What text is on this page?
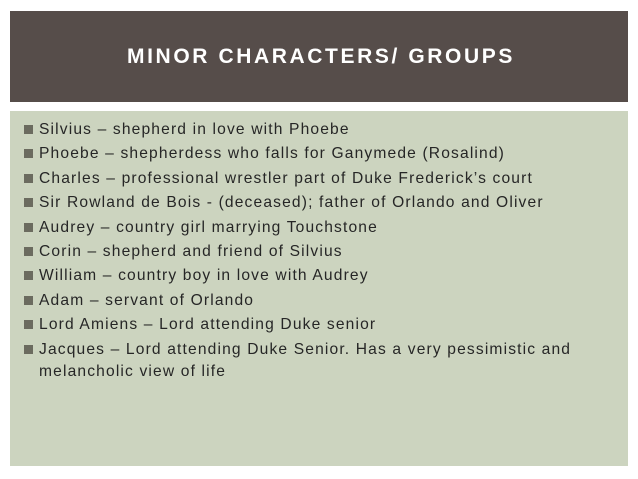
MINOR CHARACTERS/ GROUPS
Silvius – shepherd in love with Phoebe
Phoebe – shepherdess who falls for Ganymede (Rosalind)
Charles – professional wrestler part of Duke Frederick’s court
Sir Rowland de Bois - (deceased); father of Orlando and Oliver
Audrey – country girl marrying Touchstone
Corin – shepherd and friend of Silvius
William – country boy in love with Audrey
Adam – servant of Orlando
Lord Amiens – Lord attending Duke senior
Jacques – Lord attending Duke Senior. Has a very pessimistic and melancholic view of life
